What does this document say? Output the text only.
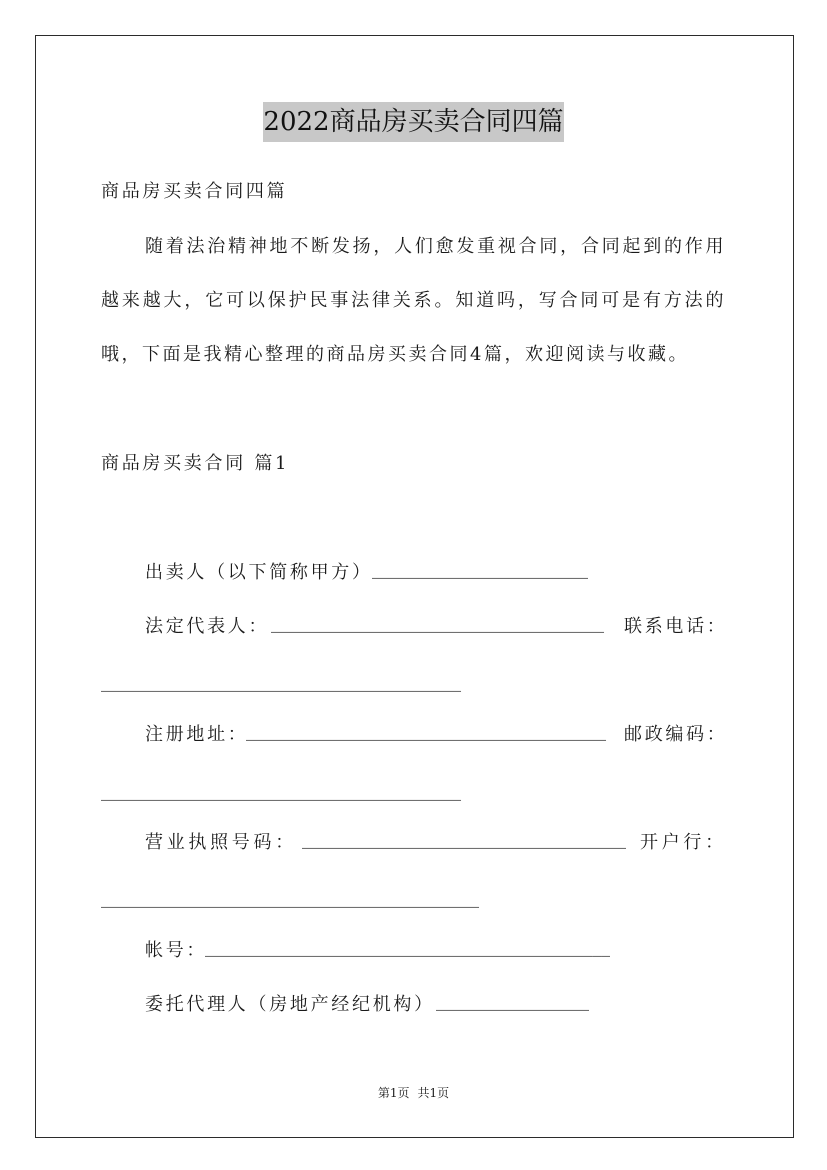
2022商品房买卖合同四篇
商品房买卖合同四篇
随着法治精神地不断发扬，人们愈发重视合同，合同起到的作用
越来越大，它可以保护民事法律关系。知道吗，写合同可是有方法的
哦，下面是我精心整理的商品房买卖合同4篇，欢迎阅读与收藏。
商品房买卖合同 篇1
出卖人（以下简称甲方） ________________________
法定代表人： _____________________________________	联系电话：
________________________________________
注册地址：
________________________________________ 邮政编码：
________________________________________
营业执照号码： ____________________________________ 开户行：
__________________________________________
帐号：
_____________________________________________
委托代理人（房地产经纪机构） _________________
第1页 共1页
